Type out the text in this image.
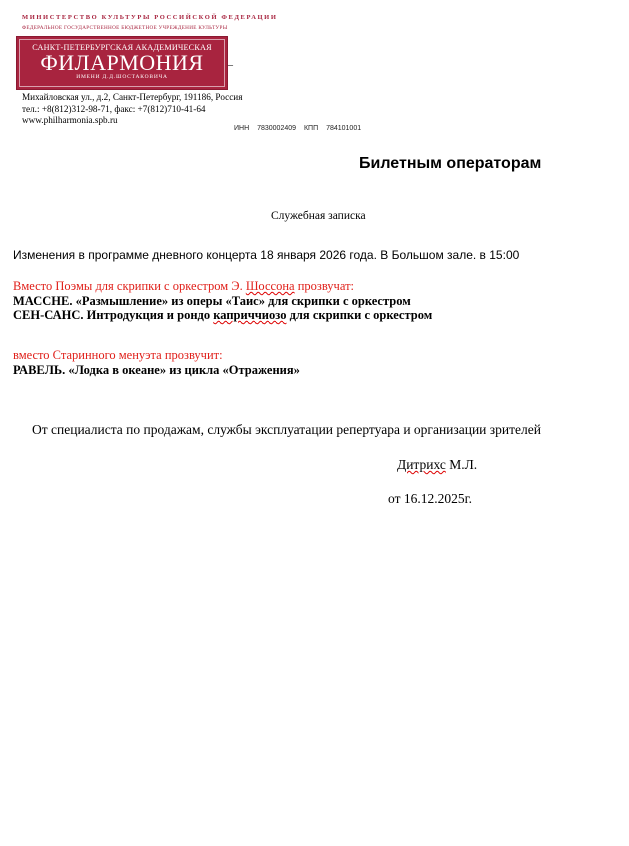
МИНИСТЕРСТВО КУЛЬТУРЫ РОССИЙСКОЙ ФЕДЕРАЦИИ
ФЕДЕРАЛЬНОЕ ГОСУДАРСТВЕННОЕ БЮДЖЕТНОЕ УЧРЕЖДЕНИЕ КУЛЬТУРЫ
САНКТ-ПЕТЕРБУРГСКАЯ АКАДЕМИЧЕСКАЯ
ФИЛАРМОНИЯ
ИМЕНИ Д.Д.ШОСТАКОВИЧА
_
Михайловская ул., д.2, Санкт-Петербург, 191186, Россия
тел.: +8(812)312-98-71, факс: +7(812)710-41-64
www.philharmonia.spb.ru
ИНН 7830002409 КПП 784101001
Билетным операторам
Служебная записка
Изменения в программе дневного концерта 18 января 2026 года. В Большом зале. в 15:00
Вместо Поэмы для скрипки с оркестром Э. Шоссона прозвучат:
МАССНЕ. «Размышление» из оперы «Таис» для скрипки с оркестром
СЕН-САНС. Интродукция и рондо каприччиозо для скрипки с оркестром
вместо Старинного менуэта прозвучит:
РАВЕЛЬ. «Лодка в океане» из цикла «Отражения»
От специалиста по продажам, службы эксплуатации репертуара и организации зрителей
Дитрихс М.Л.
от 16.12.2025г.
